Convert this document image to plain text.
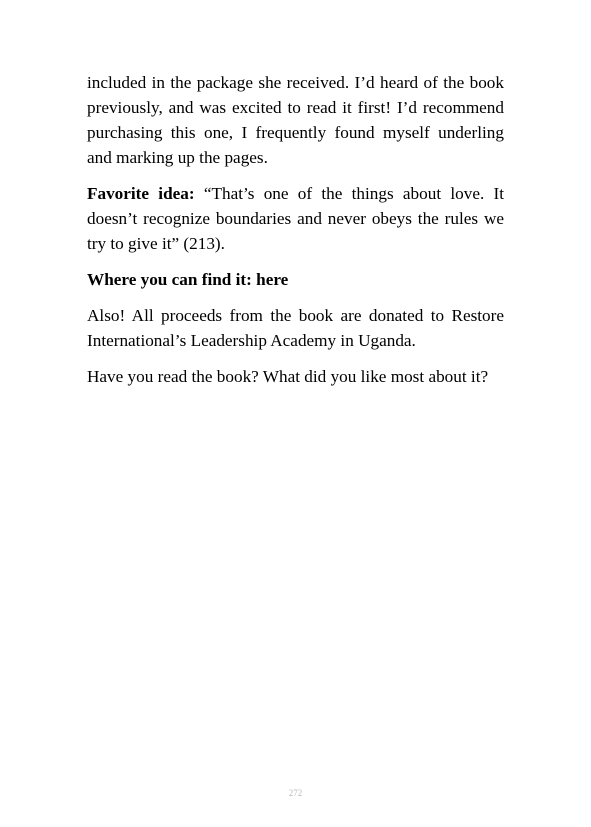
included in the package she received. I’d heard of the book previously, and was excited to read it first! I’d recommend purchasing this one, I frequently found myself underling and marking up the pages.

Favorite idea: “That’s one of the things about love. It doesn’t recognize boundaries and never obeys the rules we try to give it” (213).

Where you can find it: here

Also! All proceeds from the book are donated to Restore International’s Leadership Academy in Uganda.

Have you read the book? What did you like most about it?

272
